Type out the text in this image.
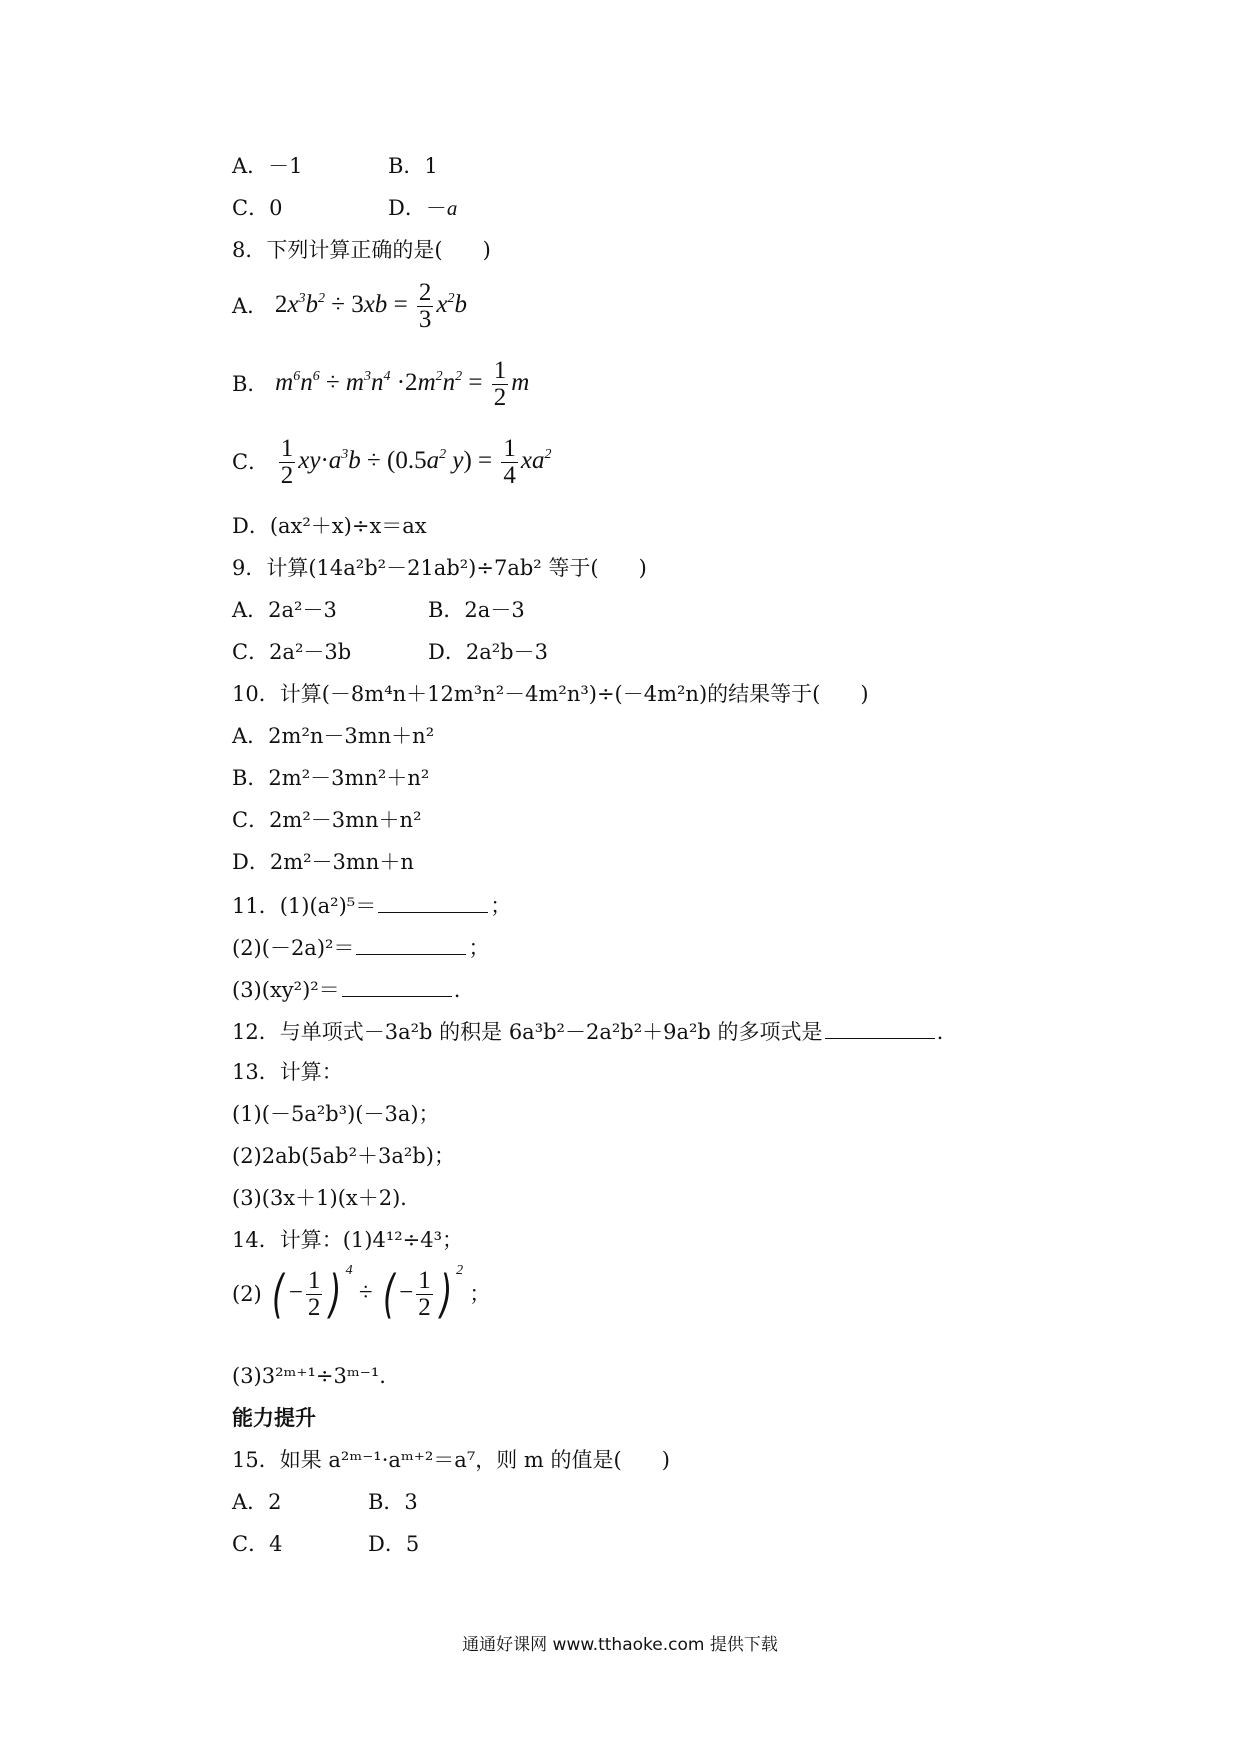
A．－1	B．1
C．0	D．－a
8．下列计算正确的是( )
A． $2x^3b^2 \div 3xb = \frac{2}{3} x^2b$
B． $m^6n^6 \div m^3n^4 \cdot 2m^2n^2 = \frac{1}{2}$ m
C． $\frac{1}{2} xy\cdot a^3b \div (0.5a^2$ $y) = \frac{1}{4} xa^2$
D．(ax²＋x)÷x＝ax
9．计算(14a²b²－21ab²)÷7ab² 等于( )
A．2a²－3	B．2a－3
C．2a²－3b	D．2a²b－3
10．计算(－8m⁴n＋12m³n²－4m²n³)÷(－4m²n)的结果等于( )
A．2m²n－3mn＋n²
B．2m²－3mn²＋n²
C．2m²－3mn＋n²
D．2m²－3mn＋n
11．(1)(a²)⁵＝	；
(2)(－2a)²＝	；
(3)(xy²)²＝	.
12．与单项式－3a²b 的积是 6a³b²－2a²b²＋9a²b 的多项式是	.
13．计算：
(1)(－5a²b³)(－3a)；
(2)2ab(5ab²＋3a²b)；
(3)(3x＋1)(x＋2)．
14．计算：(1)4¹²÷4³；
(2) ( − $\frac{1}{2}$ ) $^4$ ÷ ( − $\frac{1}{2}$ ) $^2$ ；
(3)3²ᵐ⁺¹÷3ᵐ⁻¹.
能力提升
15．如果 a²ᵐ⁻¹·aᵐ⁺²＝a⁷，则 m 的值是( )
A．2	B．3
C．4	D．5
通通好课网 www.tthaoke.com 提供下载
